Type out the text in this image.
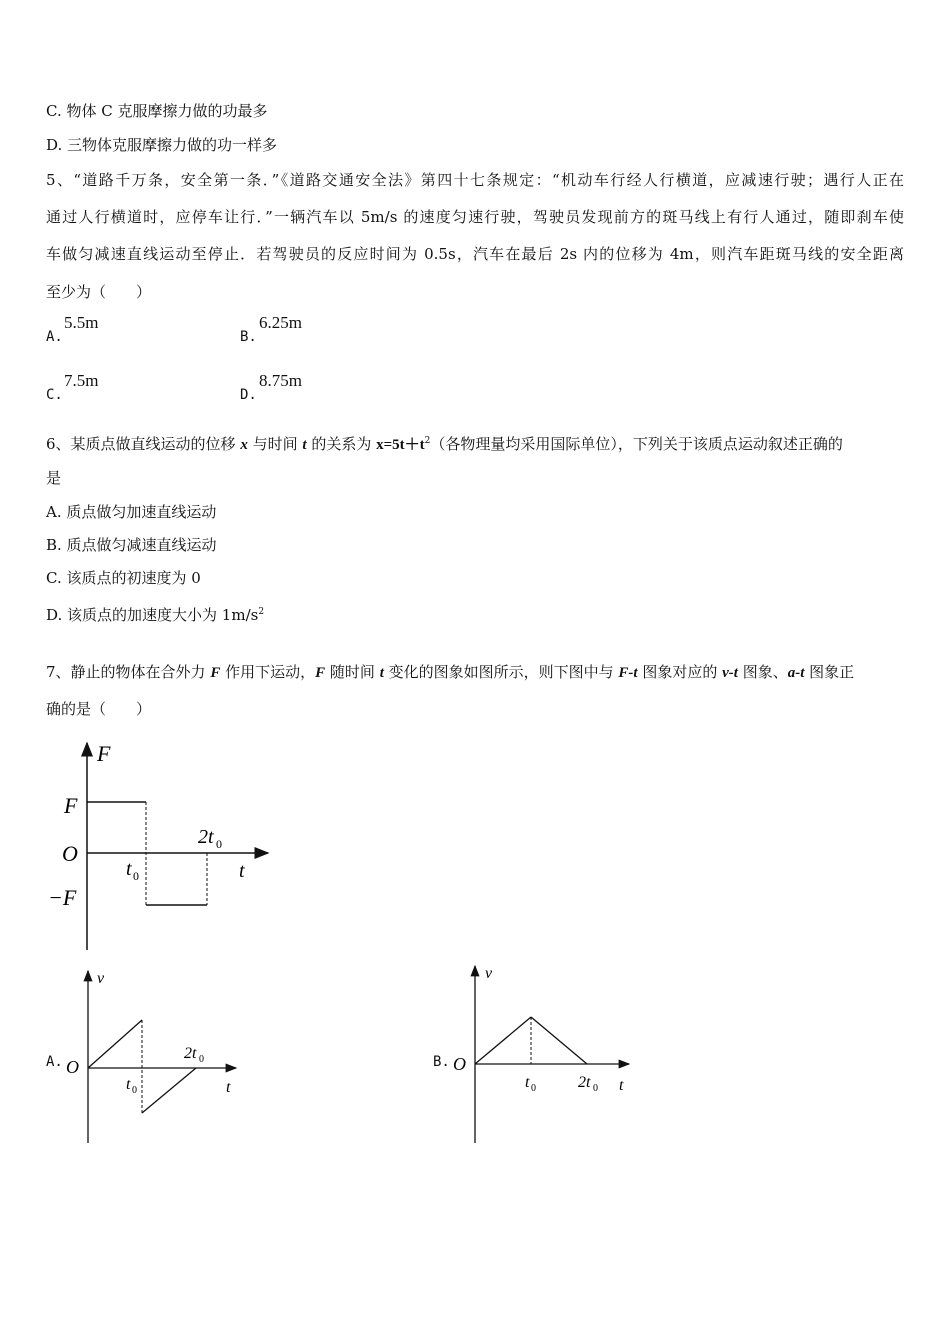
C. 物体 C 克服摩擦力做的功最多
D. 三物体克服摩擦力做的功一样多
5、“道路千万条，安全第一条．”《道路交通安全法》第四十七条规定：“机动车行经人行横道，应减速行驶；遇行人正在
通过人行横道时，应停车让行．”一辆汽车以 5m/s 的速度匀速行驶，驾驶员发现前方的斑马线上有行人通过，随即刹车使
车做匀减速直线运动至停止．若驾驶员的反应时间为 0.5s，汽车在最后 2s 内的位移为 4m，则汽车距斑马线的安全距离
至少为（　　）
A.
5.5m
B.
6.25m
C.
7.5m
D.
8.75m
6、某质点做直线运动的位移 x 与时间 t 的关系为 $x=5t+t^2$（各物理量均采用国际单位），下列关于该质点运动叙述正确的
是
A. 质点做匀加速直线运动
B. 质点做匀减速直线运动
C. 该质点的初速度为 0
D. 该质点的加速度大小为 $1m/s^2$
7、静止的物体在合外力 F 作用下运动，F 随时间 t 变化的图象如图所示，则下图中与 F-t 图象对应的 v-t 图象、a-t 图象正
确的是（　　）
F
F
O
−F
t 0
2t 0
t
A.
v
O
t 0
2t 0
t
B.
v
O
t 0	2t 0 t
